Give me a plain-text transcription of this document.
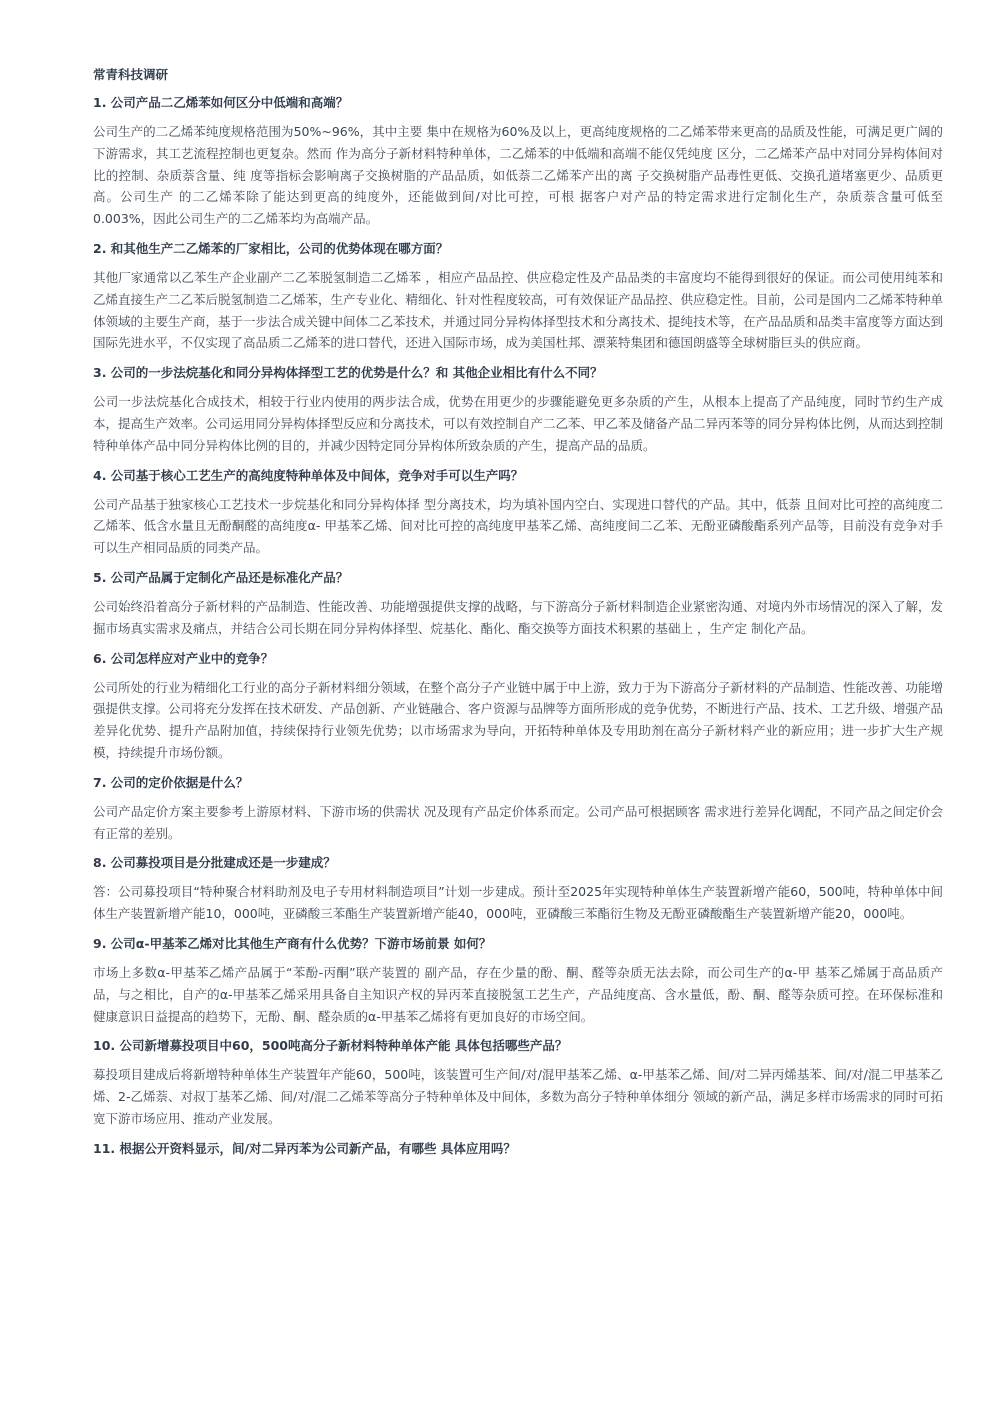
常青科技调研
1. 公司产品二乙烯苯如何区分中低端和高端？
公司生产的二乙烯苯纯度规格范围为50%~96%，其中主要 集中在规格为60%及以上，更高纯度规格的二乙烯苯带来更高的品质及性能，可满足更广阔的下游需求，其工艺流程控制也更复杂。然而 作为高分子新材料特种单体，二乙烯苯的中低端和高端不能仅凭纯度 区分，二乙烯苯产品中对同分异构体间对比的控制、杂质萘含量、纯 度等指标会影响离子交换树脂的产品品质，如低萘二乙烯苯产出的离 子交换树脂产品毒性更低、交换孔道堵塞更少、品质更高。公司生产 的二乙烯苯除了能达到更高的纯度外，还能做到间/对比可控，可根 据客户对产品的特定需求进行定制化生产，杂质萘含量可低至 0.003%，因此公司生产的二乙烯苯均为高端产品。
2. 和其他生产二乙烯苯的厂家相比，公司的优势体现在哪方面？
其他厂家通常以乙苯生产企业副产二乙苯脱氢制造二乙烯苯 ，相应产品品控、供应稳定性及产品品类的丰富度均不能得到很好的保证。而公司使用纯苯和乙烯直接生产二乙苯后脱氢制造二乙烯苯，生产专业化、精细化、针对性程度较高，可有效保证产品品控、供应稳定性。目前，公司是国内二乙烯苯特种单体领域的主要生产商，基于一步法合成关键中间体二乙苯技术，并通过同分异构体择型技术和分离技术、提纯技术等，在产品品质和品类丰富度等方面达到国际先进水平，不仅实现了高品质二乙烯苯的进口替代，还进入国际市场，成为美国杜邦、漂莱特集团和德国朗盛等全球树脂巨头的供应商。
3. 公司的一步法烷基化和同分异构体择型工艺的优势是什么？和 其他企业相比有什么不同？
公司一步法烷基化合成技术，相较于行业内使用的两步法合成，优势在用更少的步骤能避免更多杂质的产生，从根本上提高了产品纯度，同时节约生产成本，提高生产效率。公司运用同分异构体择型反应和分离技术，可以有效控制自产二乙苯、甲乙苯及储备产品二异丙苯等的同分异构体比例，从而达到控制特种单体产品中同分异构体比例的目的，并减少因特定同分异构体所致杂质的产生，提高产品的品质。
4. 公司基于核心工艺生产的高纯度特种单体及中间体，竞争对手可以生产吗？
公司产品基于独家核心工艺技术一步烷基化和同分异构体择 型分离技术，均为填补国内空白、实现进口替代的产品。其中，低萘 且间对比可控的高纯度二乙烯苯、低含水量且无酚酮醛的高纯度α- 甲基苯乙烯、间对比可控的高纯度甲基苯乙烯、高纯度间二乙苯、无酚亚磷酸酯系列产品等，目前没有竞争对手可以生产相同品质的同类产品。
5. 公司产品属于定制化产品还是标准化产品？
公司始终沿着高分子新材料的产品制造、性能改善、功能增强提供支撑的战略，与下游高分子新材料制造企业紧密沟通、对境内外市场情况的深入了解，发掘市场真实需求及痛点，并结合公司长期在同分异构体择型、烷基化、酯化、酯交换等方面技术积累的基础上 ，生产定 制化产品。
6. 公司怎样应对产业中的竞争？
公司所处的行业为精细化工行业的高分子新材料细分领域，在整个高分子产业链中属于中上游，致力于为下游高分子新材料的产品制造、性能改善、功能增强提供支撑。公司将充分发挥在技术研发、产品创新、产业链融合、客户资源与品牌等方面所形成的竞争优势，不断进行产品、技术、工艺升级、增强产品差异化优势、提升产品附加值，持续保持行业领先优势；以市场需求为导向，开拓特种单体及专用助剂在高分子新材料产业的新应用；进一步扩大生产规模，持续提升市场份额。
7. 公司的定价依据是什么？
公司产品定价方案主要参考上游原材料、下游市场的供需状 况及现有产品定价体系而定。公司产品可根据顾客 需求进行差异化调配，不同产品之间定价会有正常的差别。
8. 公司募投项目是分批建成还是一步建成？
答：公司募投项目“特种聚合材料助剂及电子专用材料制造项目”计划一步建成。预计至2025年实现特种单体生产装置新增产能60，500吨，特种单体中间体生产装置新增产能10，000吨，亚磷酸三苯酯生产装置新增产能40，000吨，亚磷酸三苯酯衍生物及无酚亚磷酸酯生产装置新增产能20，000吨。
9. 公司α-甲基苯乙烯对比其他生产商有什么优势？下游市场前景 如何？
市场上多数α-甲基苯乙烯产品属于“苯酚-丙酮”联产装置的 副产品，存在少量的酚、酮、醛等杂质无法去除，而公司生产的α-甲 基苯乙烯属于高品质产品，与之相比，自产的α-甲基苯乙烯采用具备自主知识产权的异丙苯直接脱氢工艺生产，产品纯度高、含水量低，酚、酮、醛等杂质可控。在环保标准和健康意识日益提高的趋势下，无酚、酮、醛杂质的α-甲基苯乙烯将有更加良好的市场空间。
10. 公司新增募投项目中60，500吨高分子新材料特种单体产能 具体包括哪些产品？
募投项目建成后将新增特种单体生产装置年产能60，500吨，该装置可生产间/对/混甲基苯乙烯、α-甲基苯乙烯、间/对二异丙烯基苯、间/对/混二甲基苯乙烯、2-乙烯萘、对叔丁基苯乙烯、间/对/混二乙烯苯等高分子特种单体及中间体，多数为高分子特种单体细分 领域的新产品，满足多样市场需求的同时可拓宽下游市场应用、推动产业发展。
11. 根据公开资料显示，间/对二异丙苯为公司新产品，有哪些 具体应用吗？
